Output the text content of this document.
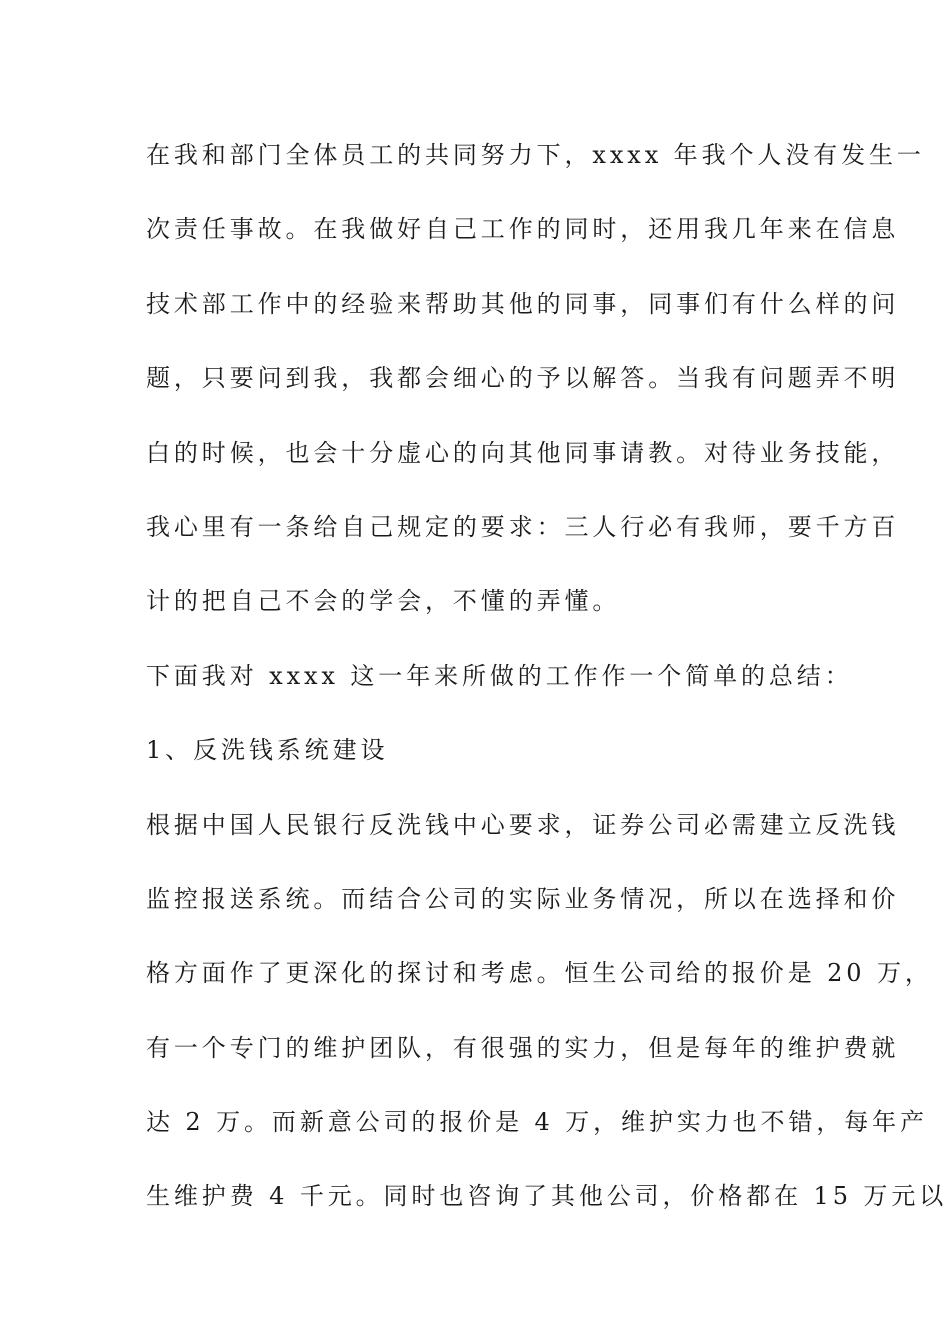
在我和部门全体员工的共同努力下，xxxx 年我个人没有发生一
次责任事故。在我做好自己工作的同时，还用我几年来在信息
技术部工作中的经验来帮助其他的同事，同事们有什么样的问
题，只要问到我，我都会细心的予以解答。当我有问题弄不明
白的时候，也会十分虚心的向其他同事请教。对待业务技能，
我心里有一条给自己规定的要求：三人行必有我师，要千方百
计的把自己不会的学会，不懂的弄懂。
下面我对 xxxx 这一年来所做的工作作一个简单的总结：
1、反洗钱系统建设
根据中国人民银行反洗钱中心要求，证券公司必需建立反洗钱
监控报送系统。而结合公司的实际业务情况，所以在选择和价
格方面作了更深化的探讨和考虑。恒生公司给的报价是 20 万，
有一个专门的维护团队，有很强的实力，但是每年的维护费就
达 2 万。而新意公司的报价是 4 万，维护实力也不错，每年产
生维护费 4 千元。同时也咨询了其他公司，价格都在 15 万元以
